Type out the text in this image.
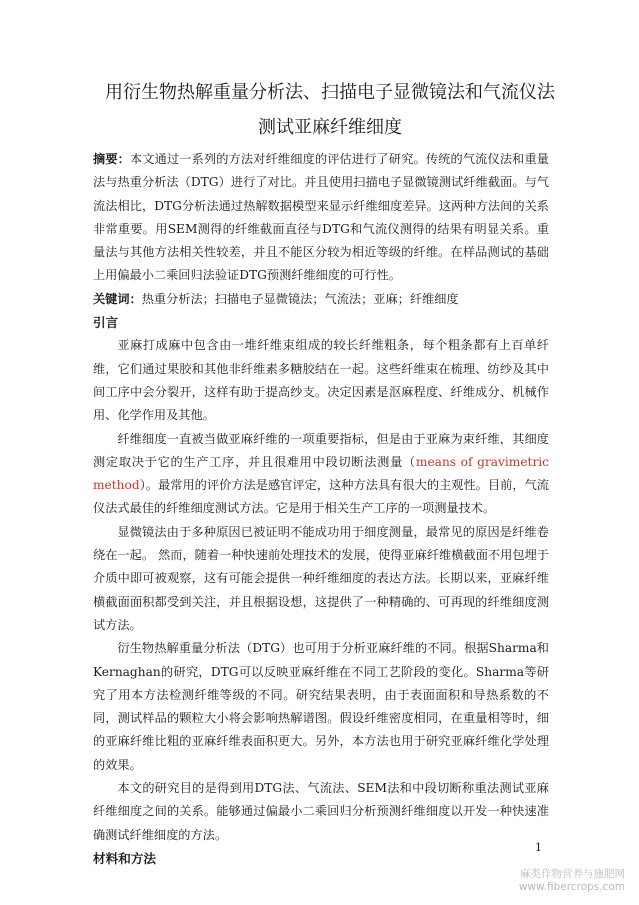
用衍生物热解重量分析法、扫描电子显微镜法和气流仪法
测试亚麻纤维细度

摘要：本文通过一系列的方法对纤维细度的评估进行了研究。传统的气流仪法和重量法与热重分析法（DTG）进行了对比。并且使用扫描电子显微镜测试纤维截面。与气流法相比，DTG分析法通过热解数据模型来显示纤维细度差异。这两种方法间的关系非常重要。用SEM测得的纤维截面直径与DTG和气流仪测得的结果有明显关系。重量法与其他方法相关性较差，并且不能区分较为相近等级的纤维。在样品测试的基础上用偏最小二乘回归法验证DTG预测纤维细度的可行性。

关键词：热重分析法；扫描电子显微镜法；气流法；亚麻；纤维细度

引言

亚麻打成麻中包含由一堆纤维束组成的较长纤维粗条，每个粗条都有上百单纤维，它们通过果胶和其他非纤维素多糖胶结在一起。这些纤维束在梳理、纺纱及其中间工序中会分裂开，这样有助于提高纱支。决定因素是沤麻程度、纤维成分、机械作用、化学作用及其他。

纤维细度一直被当做亚麻纤维的一项重要指标，但是由于亚麻为束纤维，其细度测定取决于它的生产工序，并且很难用中段切断法测量（means of gravimetric method）。最常用的评价方法是感官评定，这种方法具有很大的主观性。目前，气流仪法式最佳的纤维细度测试方法。它是用于相关生产工序的一项测量技术。

显微镜法由于多种原因已被证明不能成功用于细度测量，最常见的原因是纤维卷绕在一起。 然而，随着一种快速前处理技术的发展，使得亚麻纤维横截面不用包埋于介质中即可被观察，这有可能会提供一种纤维细度的表达方法。长期以来，亚麻纤维横截面面积都受到关注，并且根据设想，这提供了一种精确的、可再现的纤维细度测试方法。

衍生物热解重量分析法（DTG）也可用于分析亚麻纤维的不同。根据Sharma和Kernaghan的研究，DTG可以反映亚麻纤维在不同工艺阶段的变化。Sharma等研究了用本方法检测纤维等级的不同。研究结果表明，由于表面面积和导热系数的不同，测试样品的颗粒大小将会影响热解谱图。假设纤维密度相同，在重量相等时，细的亚麻纤维比粗的亚麻纤维表面积更大。另外，本方法也用于研究亚麻纤维化学处理的效果。

本文的研究目的是得到用DTG法、气流法、SEM法和中段切断称重法测试亚麻纤维细度之间的关系。能够通过偏最小二乘回归分析预测纤维细度以开发一种快速准确测试纤维细度的方法。

材料和方法

1
麻类作物营养与施肥网
www.fibercrops.com
